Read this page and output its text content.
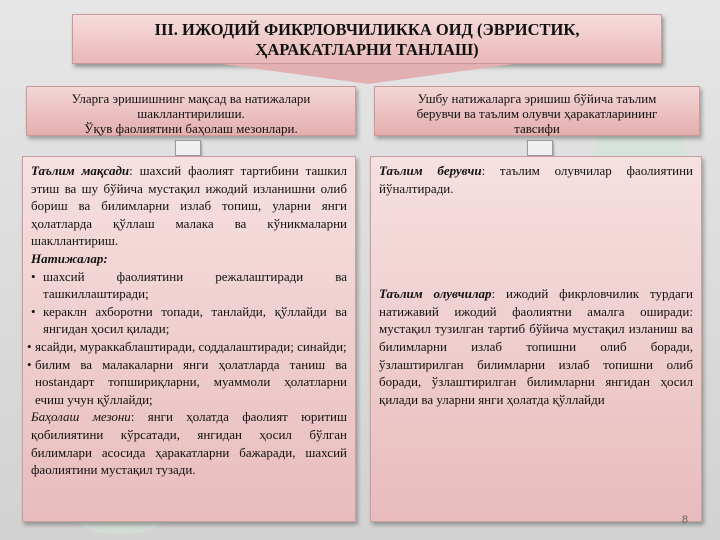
III. ИЖОДИЙ ФИКРЛОВЧИЛИККА ОИД (ЭВРИСТИК,
ҲАРАКАТЛАРНИ ТАНЛАШ)
Уларга эришишнинг мақсад ва натижалари
шакллантирилиши.
Ўқув фаолиятини баҳолаш мезонлари.
Ушбу натижаларга эришиш бўйича таълим
берувчи ва таълим олувчи ҳаракатларининг
тавсифи

Таълим мақсади: шахсий фаолият тартибини ташкил этиш ва шу бўйича мустақил ижодий изланишни олиб бориш ва билимларни излаб топиш, уларни янги ҳолатларда қўллаш малака ва кўникмаларни шакллантириш.

Натижалар:

• шахсий фаолиятини режалаштиради ва ташкиллаштиради;
• кераклн ахборотни топади, танлайди, қўллайди ва янгидан ҳосил қилади;
• ясайди, мураккаблаштиради, соддалаштиради; синайди;
• билим ва малакаларни янги ҳолатларда таниш ва нostaндарт топшириқларни, муаммоли ҳолатларни ечиш учун қўллайди;

Баҳолаш мезони: янги ҳолатда фаолият юритиш қобилиятини кўрсатади, янгидан ҳосил бўлган билимлари асосида ҳаракатларни бажаради, шахсий фаолиятини мустақил тузади.

Таълим берувчи: таълим олувчилар фаолиятини йўналтиради.

Таълим олувчилар: ижодий фикрловчилик турдаги натижавий ижодий фаолиятни амалга оширади: мустақил тузилган тартиб бўйича мустақил изланиш ва билимларни излаб топишни олиб боради, ўзлаштирилган билимларни излаб топишни олиб боради, ўзлаштирилган билимларни янгидан ҳосил қилади ва уларни янги ҳолатда қўллайди

8
